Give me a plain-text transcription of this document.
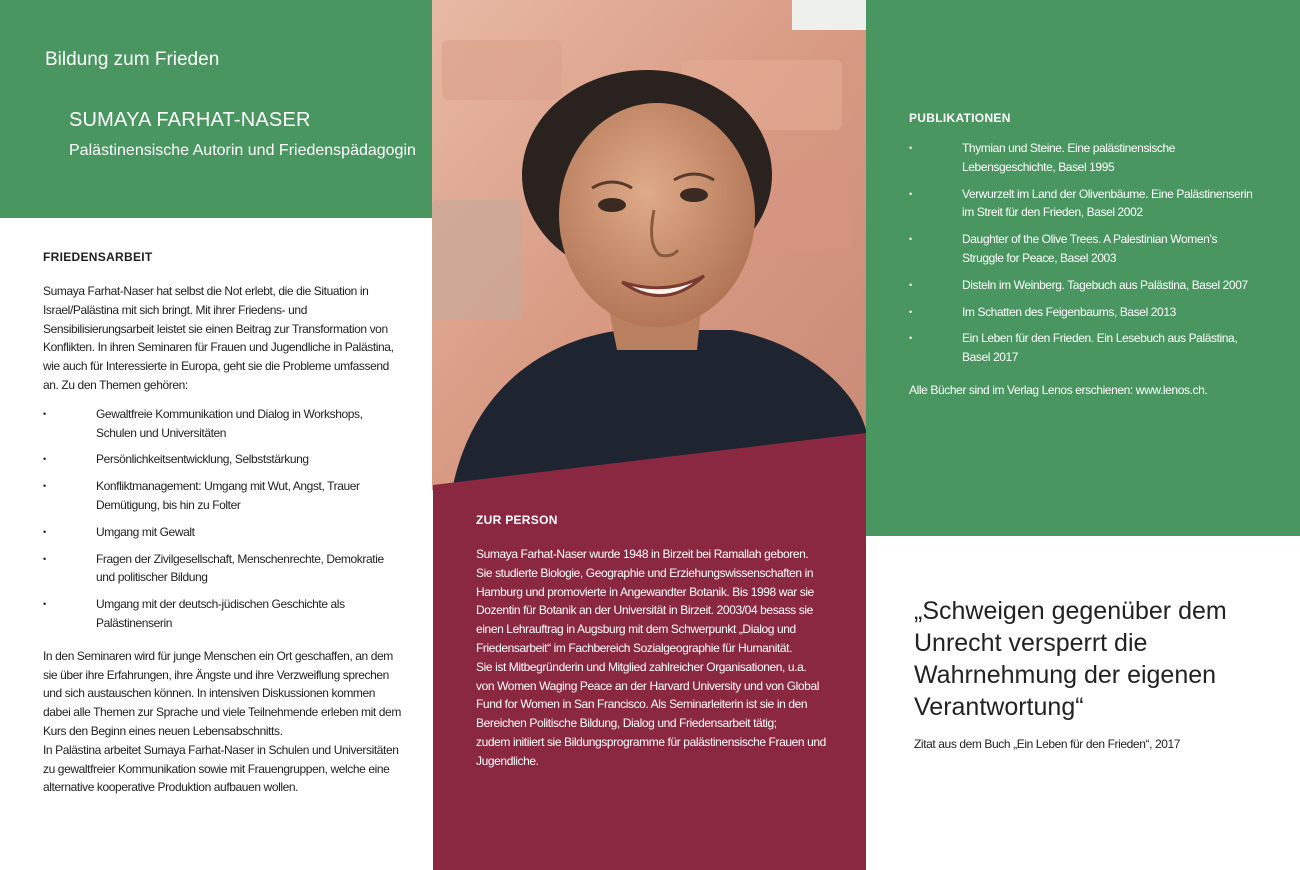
Bildung zum Frieden
SUMAYA FARHAT-NASER
Palästinensische Autorin und Friedenspädagogin
FRIEDENSARBEIT

Sumaya Farhat-Naser hat selbst die Not erlebt, die die Situation in Israel/Palästina mit sich bringt. Mit ihrer Friedens- und Sensibilisierungsarbeit leistet sie einen Beitrag zur Transformation von Konflikten. In ihren Seminaren für Frauen und Jugendliche in Palästina, wie auch für Interessierte in Europa, geht sie die Probleme umfassend an. Zu den Themen gehören:

• Gewaltfreie Kommunikation und Dialog in Workshops, Schulen und Universitäten
• Persönlichkeitsentwicklung, Selbststärkung
• Konfliktmanagement: Umgang mit Wut, Angst, Trauer Demütigung, bis hin zu Folter
• Umgang mit Gewalt
• Fragen der Zivilgesellschaft, Menschenrechte, Demokratie und politischer Bildung
• Umgang mit der deutsch-jüdischen Geschichte als Palästinenserin

In den Seminaren wird für junge Menschen ein Ort geschaffen, an dem sie über ihre Erfahrungen, ihre Ängste und ihre Verzweiflung sprechen und sich austauschen können. In intensiven Diskussionen kommen dabei alle Themen zur Sprache und viele Teilnehmende erleben mit dem Kurs den Beginn eines neuen Lebensabschnitts.

In Palästina arbeitet Sumaya Farhat-Naser in Schulen und Universitäten zu gewaltfreier Kommunikation sowie mit Frauengruppen, welche eine alternative kooperative Produktion aufbauen wollen.

ZUR PERSON

Sumaya Farhat-Naser wurde 1948 in Birzeit bei Ramallah geboren. Sie studierte Biologie, Geographie und Erziehungswissenschaften in Hamburg und promovierte in Angewandter Botanik. Bis 1998 war sie Dozentin für Botanik an der Universität in Birzeit. 2003/04 besass sie einen Lehrauftrag in Augsburg mit dem Schwerpunkt „Dialog und Friedensarbeit“ im Fachbereich Sozialgeographie für Humanität.

Sie ist Mitbegründerin und Mitglied zahlreicher Organisationen, u.a. von Women Waging Peace an der Harvard University und von Global Fund for Women in San Francisco. Als Seminarleiterin ist sie in den Bereichen Politische Bildung, Dialog und Friedensarbeit tätig;

zudem initiiert sie Bildungsprogramme für palästinensische Frauen und Jugendliche.

PUBLIKATIONEN
• Thymian und Steine. Eine palästinensische Lebensgeschichte, Basel 1995
• Verwurzelt im Land der Olivenbäume. Eine Palästinenserin im Streit für den Frieden, Basel 2002
• Daughter of the Olive Trees. A Palestinian Women’s Struggle for Peace, Basel 2003
• Disteln im Weinberg. Tagebuch aus Palästina, Basel 2007
• Im Schatten des Feigenbaums, Basel 2013
• Ein Leben für den Frieden. Ein Lesebuch aus Palästina, Basel 2017

Alle Bücher sind im Verlag Lenos erschienen: www.lenos.ch.

„Schweigen gegenüber dem Unrecht versperrt die Wahrnehmung der eigenen Verantwortung“
Zitat aus dem Buch „Ein Leben für den Frieden“, 2017
